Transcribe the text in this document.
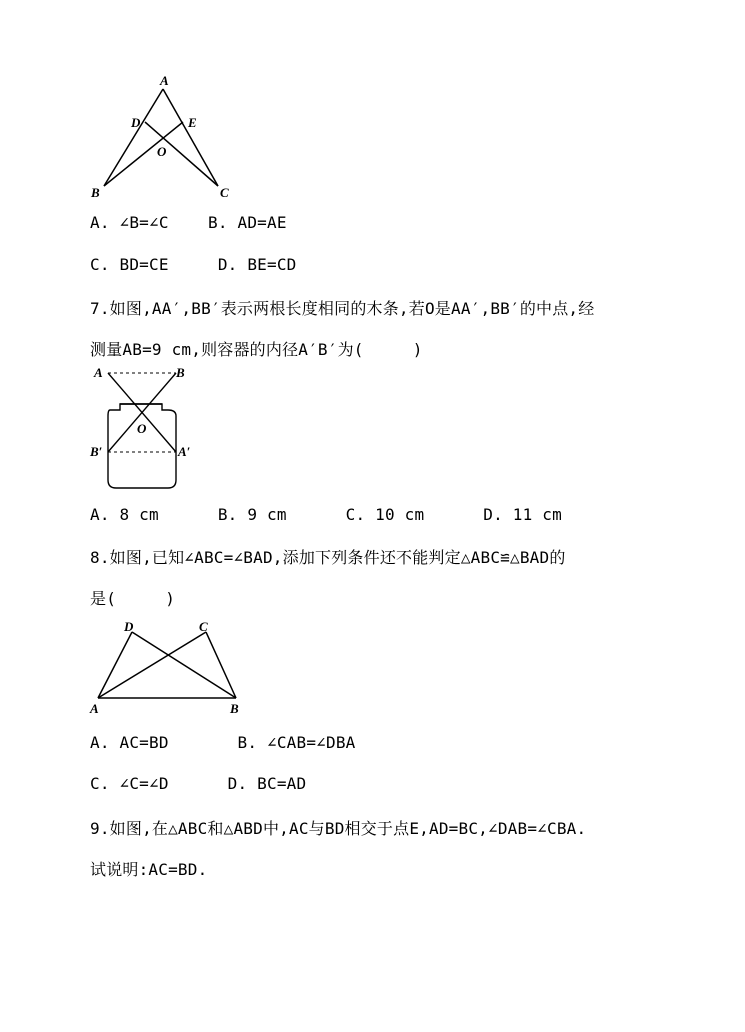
A
D	E
O
B	C
A. ∠B=∠C    B. AD=AE
C. BD=CE     D. BE=CD
7.如图,AA′,BB′表示两根长度相同的木条,若O是AA′,BB′的中点,经
测量AB=9 cm,则容器的内径A′B′为(     )
A	B
O
B′	A′
A. 8 cm      B. 9 cm      C. 10 cm      D. 11 cm
8.如图,已知∠ABC=∠BAD,添加下列条件还不能判定△ABC≌△BAD的
是(     )
D	C
A	B
A. AC=BD       B. ∠CAB=∠DBA
C. ∠C=∠D      D. BC=AD
9.如图,在△ABC和△ABD中,AC与BD相交于点E,AD=BC,∠DAB=∠CBA.
试说明:AC=BD.
